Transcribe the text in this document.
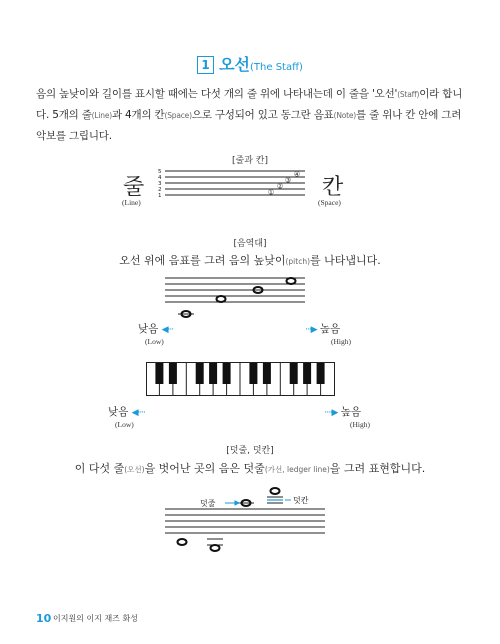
1 오선(The Staff)
음의 높낮이와 길이를 표시할 때에는 다섯 개의 줄 위에 나타내는데 이 줄을 '오선'(Staff)이라 합니다. 5개의 줄(Line)과 4개의 칸(Space)으로 구성되어 있고 동그란 음표(Note)를 줄 위나 칸 안에 그려 악보를 그립니다.
[줄과 칸]
줄
(Line)
칸
(Space)
5
4
3
2
1
④
③
②
①
[음역대]
오선 위에 음표를 그려 음의 높낮이(pitch)를 나타냅니다.
낮음 ◀···
(Low)
···▶ 높음
(High)
낮음 ◀····
(Low)
····▶ 높음
(High)
[덧줄, 덧칸]
이 다섯 줄(오선)을 벗어난 곳의 음은 덧줄(가선, ledger line)을 그려 표현합니다.
덧줄	덧칸
10 이지원의 이지 재즈 화성
